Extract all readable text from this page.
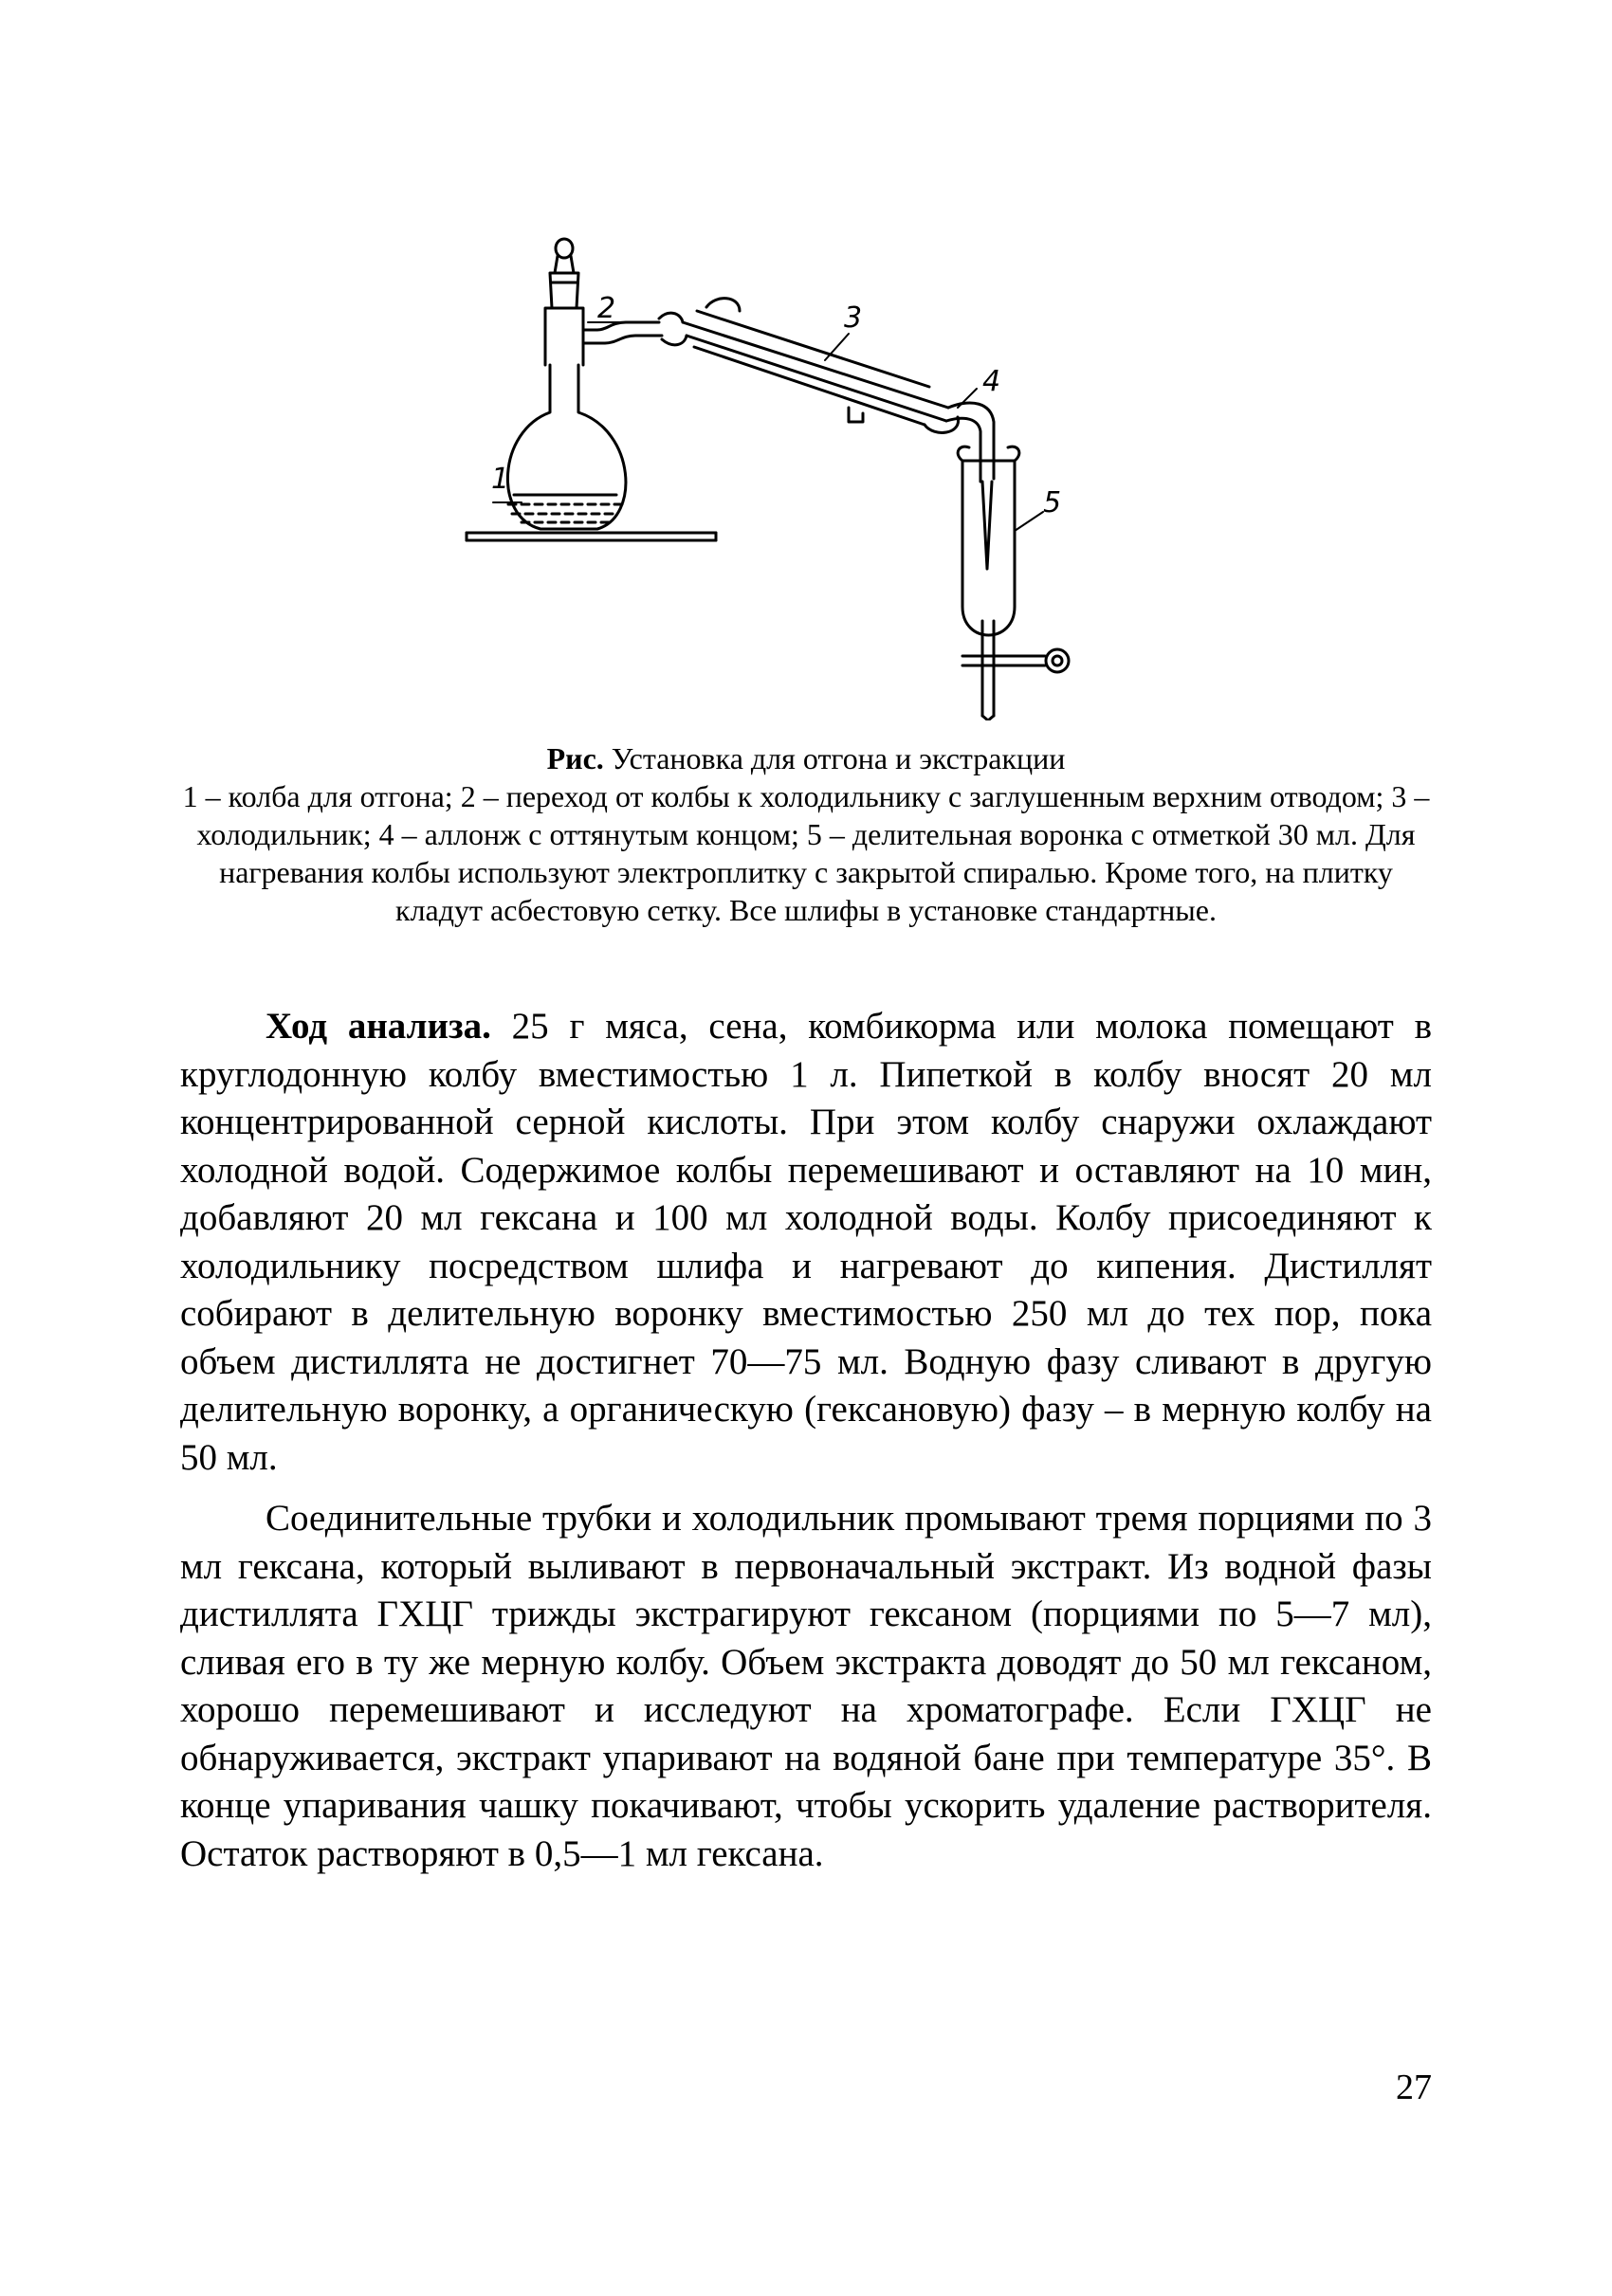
1
2	3
4
5
Рис. Установка для отгона и экстракции
1 – колба для отгона; 2 – переход от колбы к холодильнику с заглушенным верхним отводом; 3 – холодильник; 4 – аллонж с оттянутым концом; 5 – делительная воронка с отметкой 30 мл. Для нагревания колбы используют электроплитку с закрытой спиралью. Кроме того, на плитку кладут асбестовую сетку. Все шлифы в установке стандартные.

Ход анализа. 25 г мяса, сена, комбикорма или молока помещают в круглодонную колбу вместимостью 1 л. Пипеткой в колбу вносят 20 мл концентрированной серной кислоты. При этом колбу снаружи охлаждают холодной водой. Содержимое колбы перемешивают и оставляют на 10 мин, добавляют 20 мл гексана и 100 мл холодной воды. Колбу присоединяют к холодильнику посредством шлифа и нагревают до кипения. Дистиллят собирают в делительную воронку вместимостью 250 мл до тех пор, пока объем дистиллята не достигнет 70—75 мл. Водную фазу сливают в другую делительную воронку, а органическую (гексановую) фазу – в мерную колбу на 50 мл.

Соединительные трубки и холодильник промывают тремя порциями по 3 мл гексана, который выливают в первоначальный экстракт. Из водной фазы дистиллята ГХЦГ трижды экстрагируют гексаном (порциями по 5—7 мл), сливая его в ту же мерную колбу. Объем экстракта доводят до 50 мл гексаном, хорошо перемешивают и исследуют на хроматографе. Если ГХЦГ не обнаруживается, экстракт упаривают на водяной бане при температуре 35°. В конце упаривания чашку покачивают, чтобы ускорить удаление растворителя. Остаток растворяют в 0,5—1 мл гексана.

27
